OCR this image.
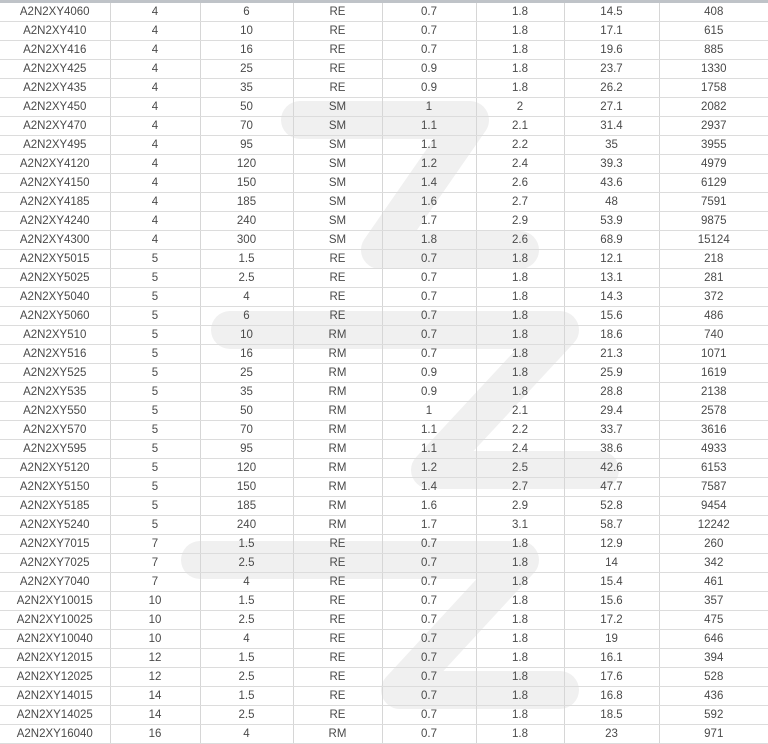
A2N2XY4060	4	6	RE	0.7	1.8	14.5	408
A2N2XY410	4	10	RE	0.7	1.8	17.1	615
A2N2XY416	4	16	RE	0.7	1.8	19.6	885
A2N2XY425	4	25	RE	0.9	1.8	23.7	1330
A2N2XY435	4	35	RE	0.9	1.8	26.2	1758
A2N2XY450	4	50	SM	1	2	27.1	2082
A2N2XY470	4	70	SM	1.1	2.1	31.4	2937
A2N2XY495	4	95	SM	1.1	2.2	35	3955
A2N2XY4120	4	120	SM	1.2	2.4	39.3	4979
A2N2XY4150	4	150	SM	1.4	2.6	43.6	6129
A2N2XY4185	4	185	SM	1.6	2.7	48	7591
A2N2XY4240	4	240	SM	1.7	2.9	53.9	9875
A2N2XY4300	4	300	SM	1.8	2.6	68.9	15124
A2N2XY5015	5	1.5	RE	0.7	1.8	12.1	218
A2N2XY5025	5	2.5	RE	0.7	1.8	13.1	281
A2N2XY5040	5	4	RE	0.7	1.8	14.3	372
A2N2XY5060	5	6	RE	0.7	1.8	15.6	486
A2N2XY510	5	10	RM	0.7	1.8	18.6	740
A2N2XY516	5	16	RM	0.7	1.8	21.3	1071
A2N2XY525	5	25	RM	0.9	1.8	25.9	1619
A2N2XY535	5	35	RM	0.9	1.8	28.8	2138
A2N2XY550	5	50	RM	1	2.1	29.4	2578
A2N2XY570	5	70	RM	1.1	2.2	33.7	3616
A2N2XY595	5	95	RM	1.1	2.4	38.6	4933
A2N2XY5120	5	120	RM	1.2	2.5	42.6	6153
A2N2XY5150	5	150	RM	1.4	2.7	47.7	7587
A2N2XY5185	5	185	RM	1.6	2.9	52.8	9454
A2N2XY5240	5	240	RM	1.7	3.1	58.7	12242
A2N2XY7015	7	1.5	RE	0.7	1.8	12.9	260
A2N2XY7025	7	2.5	RE	0.7	1.8	14	342
A2N2XY7040	7	4	RE	0.7	1.8	15.4	461
A2N2XY10015	10	1.5	RE	0.7	1.8	15.6	357
A2N2XY10025	10	2.5	RE	0.7	1.8	17.2	475
A2N2XY10040	10	4	RE	0.7	1.8	19	646
A2N2XY12015	12	1.5	RE	0.7	1.8	16.1	394
A2N2XY12025	12	2.5	RE	0.7	1.8	17.6	528
A2N2XY14015	14	1.5	RE	0.7	1.8	16.8	436
A2N2XY14025	14	2.5	RE	0.7	1.8	18.5	592
A2N2XY16040	16	4	RM	0.7	1.8	23	971
